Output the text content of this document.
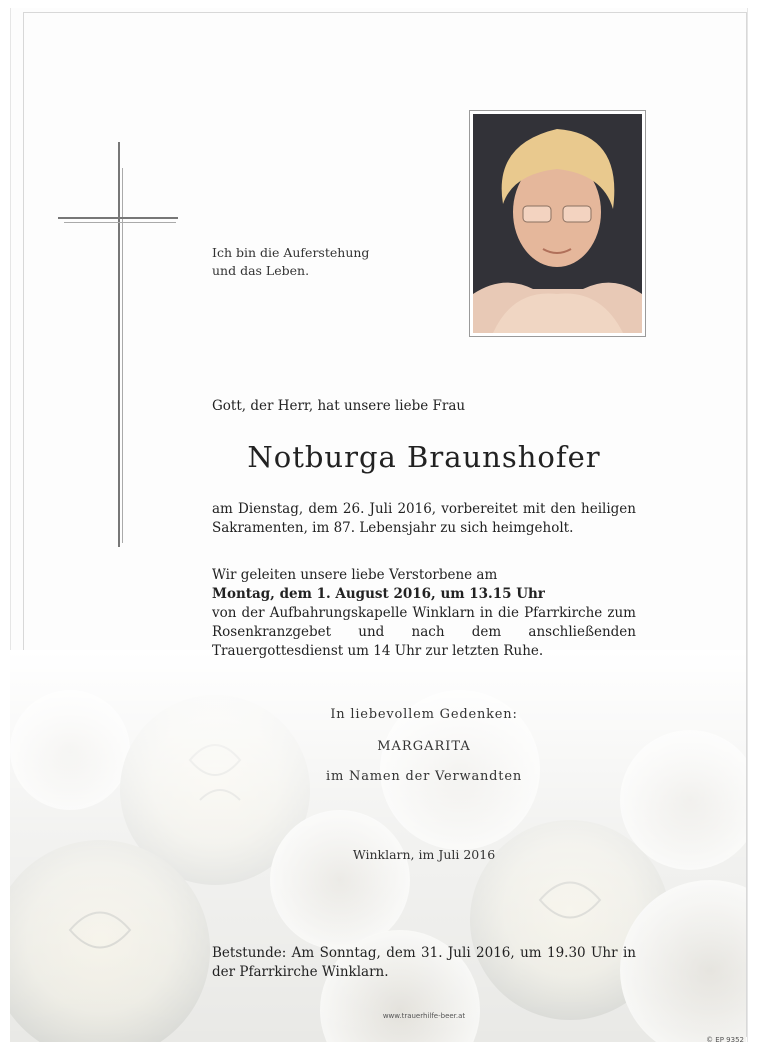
Ich bin die Auferstehung
und das Leben.
Gott, der Herr, hat unsere liebe Frau
Notburga Braunshofer
am Dienstag, dem 26. Juli 2016, vorbereitet mit den heiligen Sakramenten, im 87. Lebensjahr zu sich heimgeholt.
Wir geleiten unsere liebe Verstorbene am
Montag, dem 1. August 2016, um 13.15 Uhr
von der Aufbahrungskapelle Winklarn in die Pfarrkirche zum Rosenkranzgebet und nach dem anschließenden Trauergottesdienst um 14 Uhr zur letzten Ruhe.
In liebevollem Gedenken:
MARGARITA
im Namen der Verwandten
Winklarn, im Juli 2016
Betstunde: Am Sonntag, dem 31. Juli 2016, um 19.30 Uhr in der Pfarrkirche Winklarn.
www.trauerhilfe-beer.at
© EP 9352
